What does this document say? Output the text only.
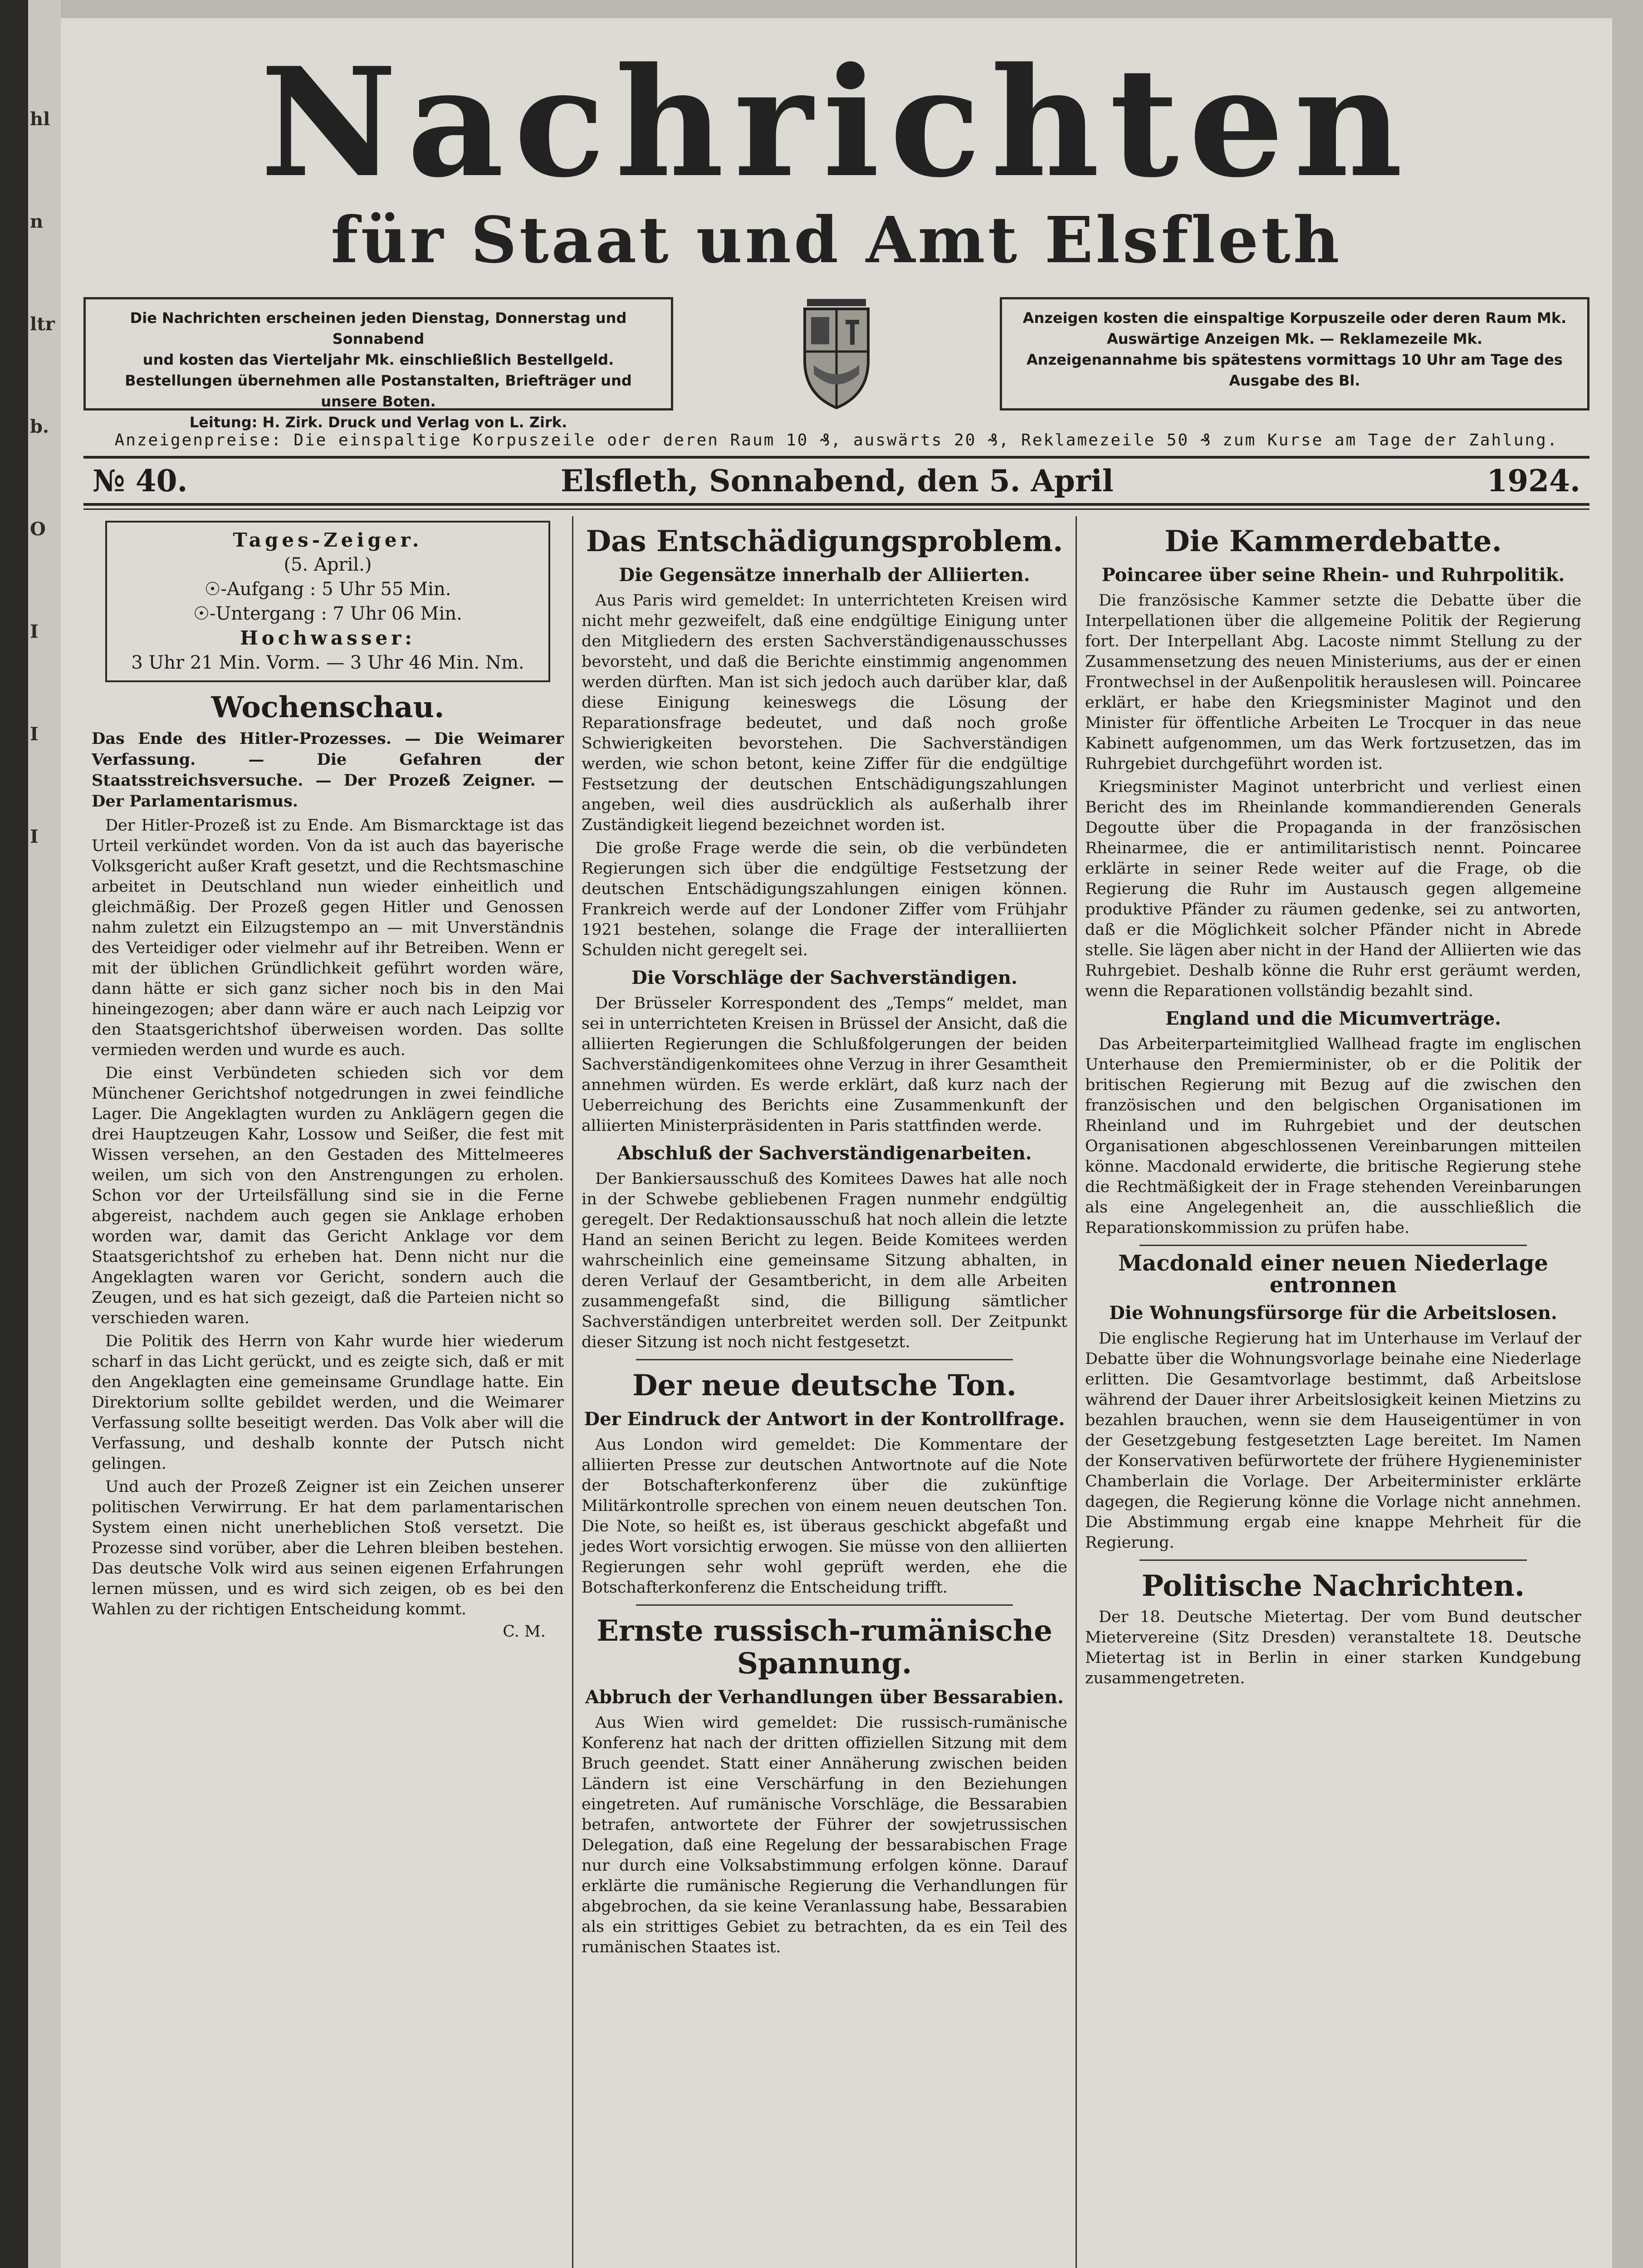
hl
n
ltr
b.
O
I
I
I
Nachrichten
für Staat und Amt Elsfleth
Die Nachrichten erscheinen jeden Dienstag, Donnerstag und Sonnabend
und kosten das Vierteljahr Mk. einschließlich Bestellgeld.
Bestellungen übernehmen alle Postanstalten, Briefträger und unsere Boten.
Leitung: H. Zirk. Druck und Verlag von L. Zirk.
Anzeigen kosten die einspaltige Korpuszeile oder deren Raum Mk.
Auswärtige Anzeigen Mk. — Reklamezeile Mk.
Anzeigenannahme bis spätestens vormittags 10 Uhr am Tage des
Ausgabe des Bl.
Anzeigenpreise: Die einspaltige Korpuszeile oder deren Raum 10 ₰, auswärts 20 ₰, Reklamezeile 50 ₰ zum Kurse am Tage der Zahlung.
№ 40.	Elsfleth, Sonnabend, den 5. April	1924.
Tages-Zeiger.
(5. April.)
☉-Aufgang : 5 Uhr 55 Min.
☉-Untergang : 7 Uhr 06 Min.
Hochwasser:
3 Uhr 21 Min. Vorm. — 3 Uhr 46 Min. Nm.
Wochenschau.
Das Ende des Hitler-Prozesses. — Die Weimarer Verfassung. — Die Gefahren der Staatsstreichsversuche. — Der Prozeß Zeigner. — Der Parlamentarismus.

Der Hitler-Prozeß ist zu Ende. Am Bismarcktage ist das Urteil verkündet worden. Von da ist auch das bayerische Volksgericht außer Kraft gesetzt, und die Rechtsmaschine arbeitet in Deutschland nun wieder einheitlich und gleichmäßig. Der Prozeß gegen Hitler und Genossen nahm zuletzt ein Eilzugstempo an — mit Unverständnis des Verteidiger oder vielmehr auf ihr Betreiben. Wenn er mit der üblichen Gründlichkeit geführt worden wäre, dann hätte er sich ganz sicher noch bis in den Mai hineingezogen; aber dann wäre er auch nach Leipzig vor den Staatsgerichtshof überweisen worden. Das sollte vermieden werden und wurde es auch.

Die einst Verbündeten schieden sich vor dem Münchener Gerichtshof notgedrungen in zwei feindliche Lager. Die Angeklagten wurden zu Anklägern gegen die drei Hauptzeugen Kahr, Lossow und Seißer, die fest mit Wissen versehen, an den Gestaden des Mittelmeeres weilen, um sich von den Anstrengungen zu erholen. Schon vor der Urteilsfällung sind sie in die Ferne abgereist, nachdem auch gegen sie Anklage erhoben worden war, damit das Gericht Anklage vor dem Staatsgerichtshof zu erheben hat. Denn nicht nur die Angeklagten waren vor Gericht, sondern auch die Zeugen, und es hat sich gezeigt, daß die Parteien nicht so verschieden waren.

Die Politik des Herrn von Kahr wurde hier wiederum scharf in das Licht gerückt, und es zeigte sich, daß er mit den Angeklagten eine gemeinsame Grundlage hatte. Ein Direktorium sollte gebildet werden, und die Weimarer Verfassung sollte beseitigt werden. Das Volk aber will die Verfassung, und deshalb konnte der Putsch nicht gelingen.

Und auch der Prozeß Zeigner ist ein Zeichen unserer politischen Verwirrung. Er hat dem parlamentarischen System einen nicht unerheblichen Stoß versetzt. Die Prozesse sind vorüber, aber die Lehren bleiben bestehen. Das deutsche Volk wird aus seinen eigenen Erfahrungen lernen müssen, und es wird sich zeigen, ob es bei den Wahlen zu der richtigen Entscheidung kommt.

C. M.
Das Entschädigungsproblem.
Die Gegensätze innerhalb der Alliierten.

Aus Paris wird gemeldet: In unterrichteten Kreisen wird nicht mehr gezweifelt, daß eine endgültige Einigung unter den Mitgliedern des ersten Sachverständigenausschusses bevorsteht, und daß die Berichte einstimmig angenommen werden dürften. Man ist sich jedoch auch darüber klar, daß diese Einigung keineswegs die Lösung der Reparationsfrage bedeutet, und daß noch große Schwierigkeiten bevorstehen. Die Sachverständigen werden, wie schon betont, keine Ziffer für die endgültige Festsetzung der deutschen Entschädigungszahlungen angeben, weil dies ausdrücklich als außerhalb ihrer Zuständigkeit liegend bezeichnet worden ist.

Die große Frage werde die sein, ob die verbündeten Regierungen sich über die endgültige Festsetzung der deutschen Entschädigungszahlungen einigen können. Frankreich werde auf der Londoner Ziffer vom Frühjahr 1921 bestehen, solange die Frage der interalliierten Schulden nicht geregelt sei.

Die Vorschläge der Sachverständigen.

Der Brüsseler Korrespondent des „Temps“ meldet, man sei in unterrichteten Kreisen in Brüssel der Ansicht, daß die alliierten Regierungen die Schlußfolgerungen der beiden Sachverständigenkomitees ohne Verzug in ihrer Gesamtheit annehmen würden. Es werde erklärt, daß kurz nach der Ueberreichung des Berichts eine Zusammenkunft der alliierten Ministerpräsidenten in Paris stattfinden werde.

Abschluß der Sachverständigenarbeiten.

Der Bankiersausschuß des Komitees Dawes hat alle noch in der Schwebe gebliebenen Fragen nunmehr endgültig geregelt. Der Redaktionsausschuß hat noch allein die letzte Hand an seinen Bericht zu legen. Beide Komitees werden wahrscheinlich eine gemeinsame Sitzung abhalten, in deren Verlauf der Gesamtbericht, in dem alle Arbeiten zusammengefaßt sind, die Billigung sämtlicher Sachverständigen unterbreitet werden soll. Der Zeitpunkt dieser Sitzung ist noch nicht festgesetzt.

Der neue deutsche Ton.
Der Eindruck der Antwort in der Kontrollfrage.

Aus London wird gemeldet: Die Kommentare der alliierten Presse zur deutschen Antwortnote auf die Note der Botschafterkonferenz über die zukünftige Militärkontrolle sprechen von einem neuen deutschen Ton. Die Note, so heißt es, ist überaus geschickt abgefaßt und jedes Wort vorsichtig erwogen. Sie müsse von den alliierten Regierungen sehr wohl geprüft werden, ehe die Botschafterkonferenz die Entscheidung trifft.

Ernste russisch-rumänische Spannung.
Abbruch der Verhandlungen über Bessarabien.

Aus Wien wird gemeldet: Die russisch-rumänische Konferenz hat nach der dritten offiziellen Sitzung mit dem Bruch geendet. Statt einer Annäherung zwischen beiden Ländern ist eine Verschärfung in den Beziehungen eingetreten. Auf rumänische Vorschläge, die Bessarabien betrafen, antwortete der Führer der sowjetrussischen Delegation, daß eine Regelung der bessarabischen Frage nur durch eine Volksabstimmung erfolgen könne. Darauf erklärte die rumänische Regierung die Verhandlungen für abgebrochen, da sie keine Veranlassung habe, Bessarabien als ein strittiges Gebiet zu betrachten, da es ein Teil des rumänischen Staates ist.

Die Kammerdebatte.
Poincaree über seine Rhein- und Ruhrpolitik.

Die französische Kammer setzte die Debatte über die Interpellationen über die allgemeine Politik der Regierung fort. Der Interpellant Abg. Lacoste nimmt Stellung zu der Zusammensetzung des neuen Ministeriums, aus der er einen Frontwechsel in der Außenpolitik herauslesen will. Poincaree erklärt, er habe den Kriegsminister Maginot und den Minister für öffentliche Arbeiten Le Trocquer in das neue Kabinett aufgenommen, um das Werk fortzusetzen, das im Ruhrgebiet durchgeführt worden ist.

Kriegsminister Maginot unterbricht und verliest einen Bericht des im Rheinlande kommandierenden Generals Degoutte über die Propaganda in der französischen Rheinarmee, die er antimilitaristisch nennt. Poincaree erklärte in seiner Rede weiter auf die Frage, ob die Regierung die Ruhr im Austausch gegen allgemeine produktive Pfänder zu räumen gedenke, sei zu antworten, daß er die Möglichkeit solcher Pfänder nicht in Abrede stelle. Sie lägen aber nicht in der Hand der Alliierten wie das Ruhrgebiet. Deshalb könne die Ruhr erst geräumt werden, wenn die Reparationen vollständig bezahlt sind.

England und die Micumverträge.

Das Arbeiterparteimitglied Wallhead fragte im englischen Unterhause den Premierminister, ob er die Politik der britischen Regierung mit Bezug auf die zwischen den französischen und den belgischen Organisationen im Rheinland und im Ruhrgebiet und der deutschen Organisationen abgeschlossenen Vereinbarungen mitteilen könne. Macdonald erwiderte, die britische Regierung stehe die Rechtmäßigkeit der in Frage stehenden Vereinbarungen als eine Angelegenheit an, die ausschließlich die Reparationskommission zu prüfen habe.

Macdonald einer neuen Niederlage entronnen
Die Wohnungsfürsorge für die Arbeitslosen.

Die englische Regierung hat im Unterhause im Verlauf der Debatte über die Wohnungsvorlage beinahe eine Niederlage erlitten. Die Gesamtvorlage bestimmt, daß Arbeitslose während der Dauer ihrer Arbeitslosigkeit keinen Mietzins zu bezahlen brauchen, wenn sie dem Hauseigentümer in von der Gesetzgebung festgesetzten Lage bereitet. Im Namen der Konservativen befürwortete der frühere Hygieneminister Chamberlain die Vorlage. Der Arbeiterminister erklärte dagegen, die Regierung könne die Vorlage nicht annehmen. Die Abstimmung ergab eine knappe Mehrheit für die Regierung.

Politische Nachrichten.

Der 18. Deutsche Mietertag. Der vom Bund deutscher Mietervereine (Sitz Dresden) veranstaltete 18. Deutsche Mietertag ist in Berlin in einer starken Kundgebung zusammengetreten.
